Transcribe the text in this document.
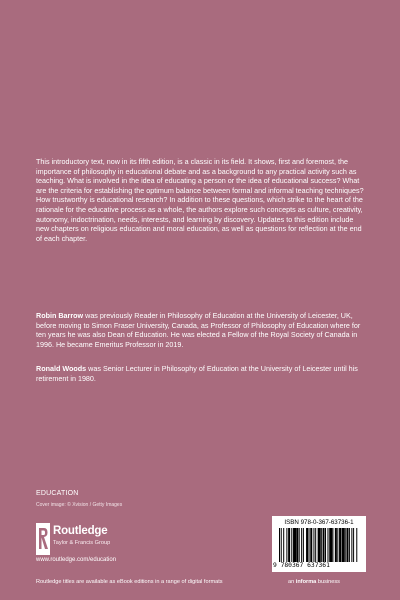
This introductory text, now in its fifth edition, is a classic in its field. It shows, first and foremost, the importance of philosophy in educational debate and as a background to any practical activity such as teaching. What is involved in the idea of educating a person or the idea of educational success? What are the criteria for establishing the optimum balance between formal and informal teaching techniques? How trustworthy is educational research? In addition to these questions, which strike to the heart of the rationale for the educative process as a whole, the authors explore such concepts as culture, creativity, autonomy, indoctrination, needs, interests, and learning by discovery. Updates to this edition include new chapters on religious education and moral education, as well as questions for reflection at the end of each chapter.

Robin Barrow was previously Reader in Philosophy of Education at the University of Leicester, UK, before moving to Simon Fraser University, Canada, as Professor of Philosophy of Education where for ten years he was also Dean of Education. He was elected a Fellow of the Royal Society of Canada in 1996. He became Emeritus Professor in 2019.

Ronald Woods was Senior Lecturer in Philosophy of Education at the University of Leicester until his retirement in 1980.

EDUCATION
Cover image: © Xvision / Getty Images
Routledge
Taylor & Francis Group
www.routledge.com/education
ISBN 978-0-367-63736-1
9 780367 637361
Routledge titles are available as eBook editions in a range of digital formats	an informa business
